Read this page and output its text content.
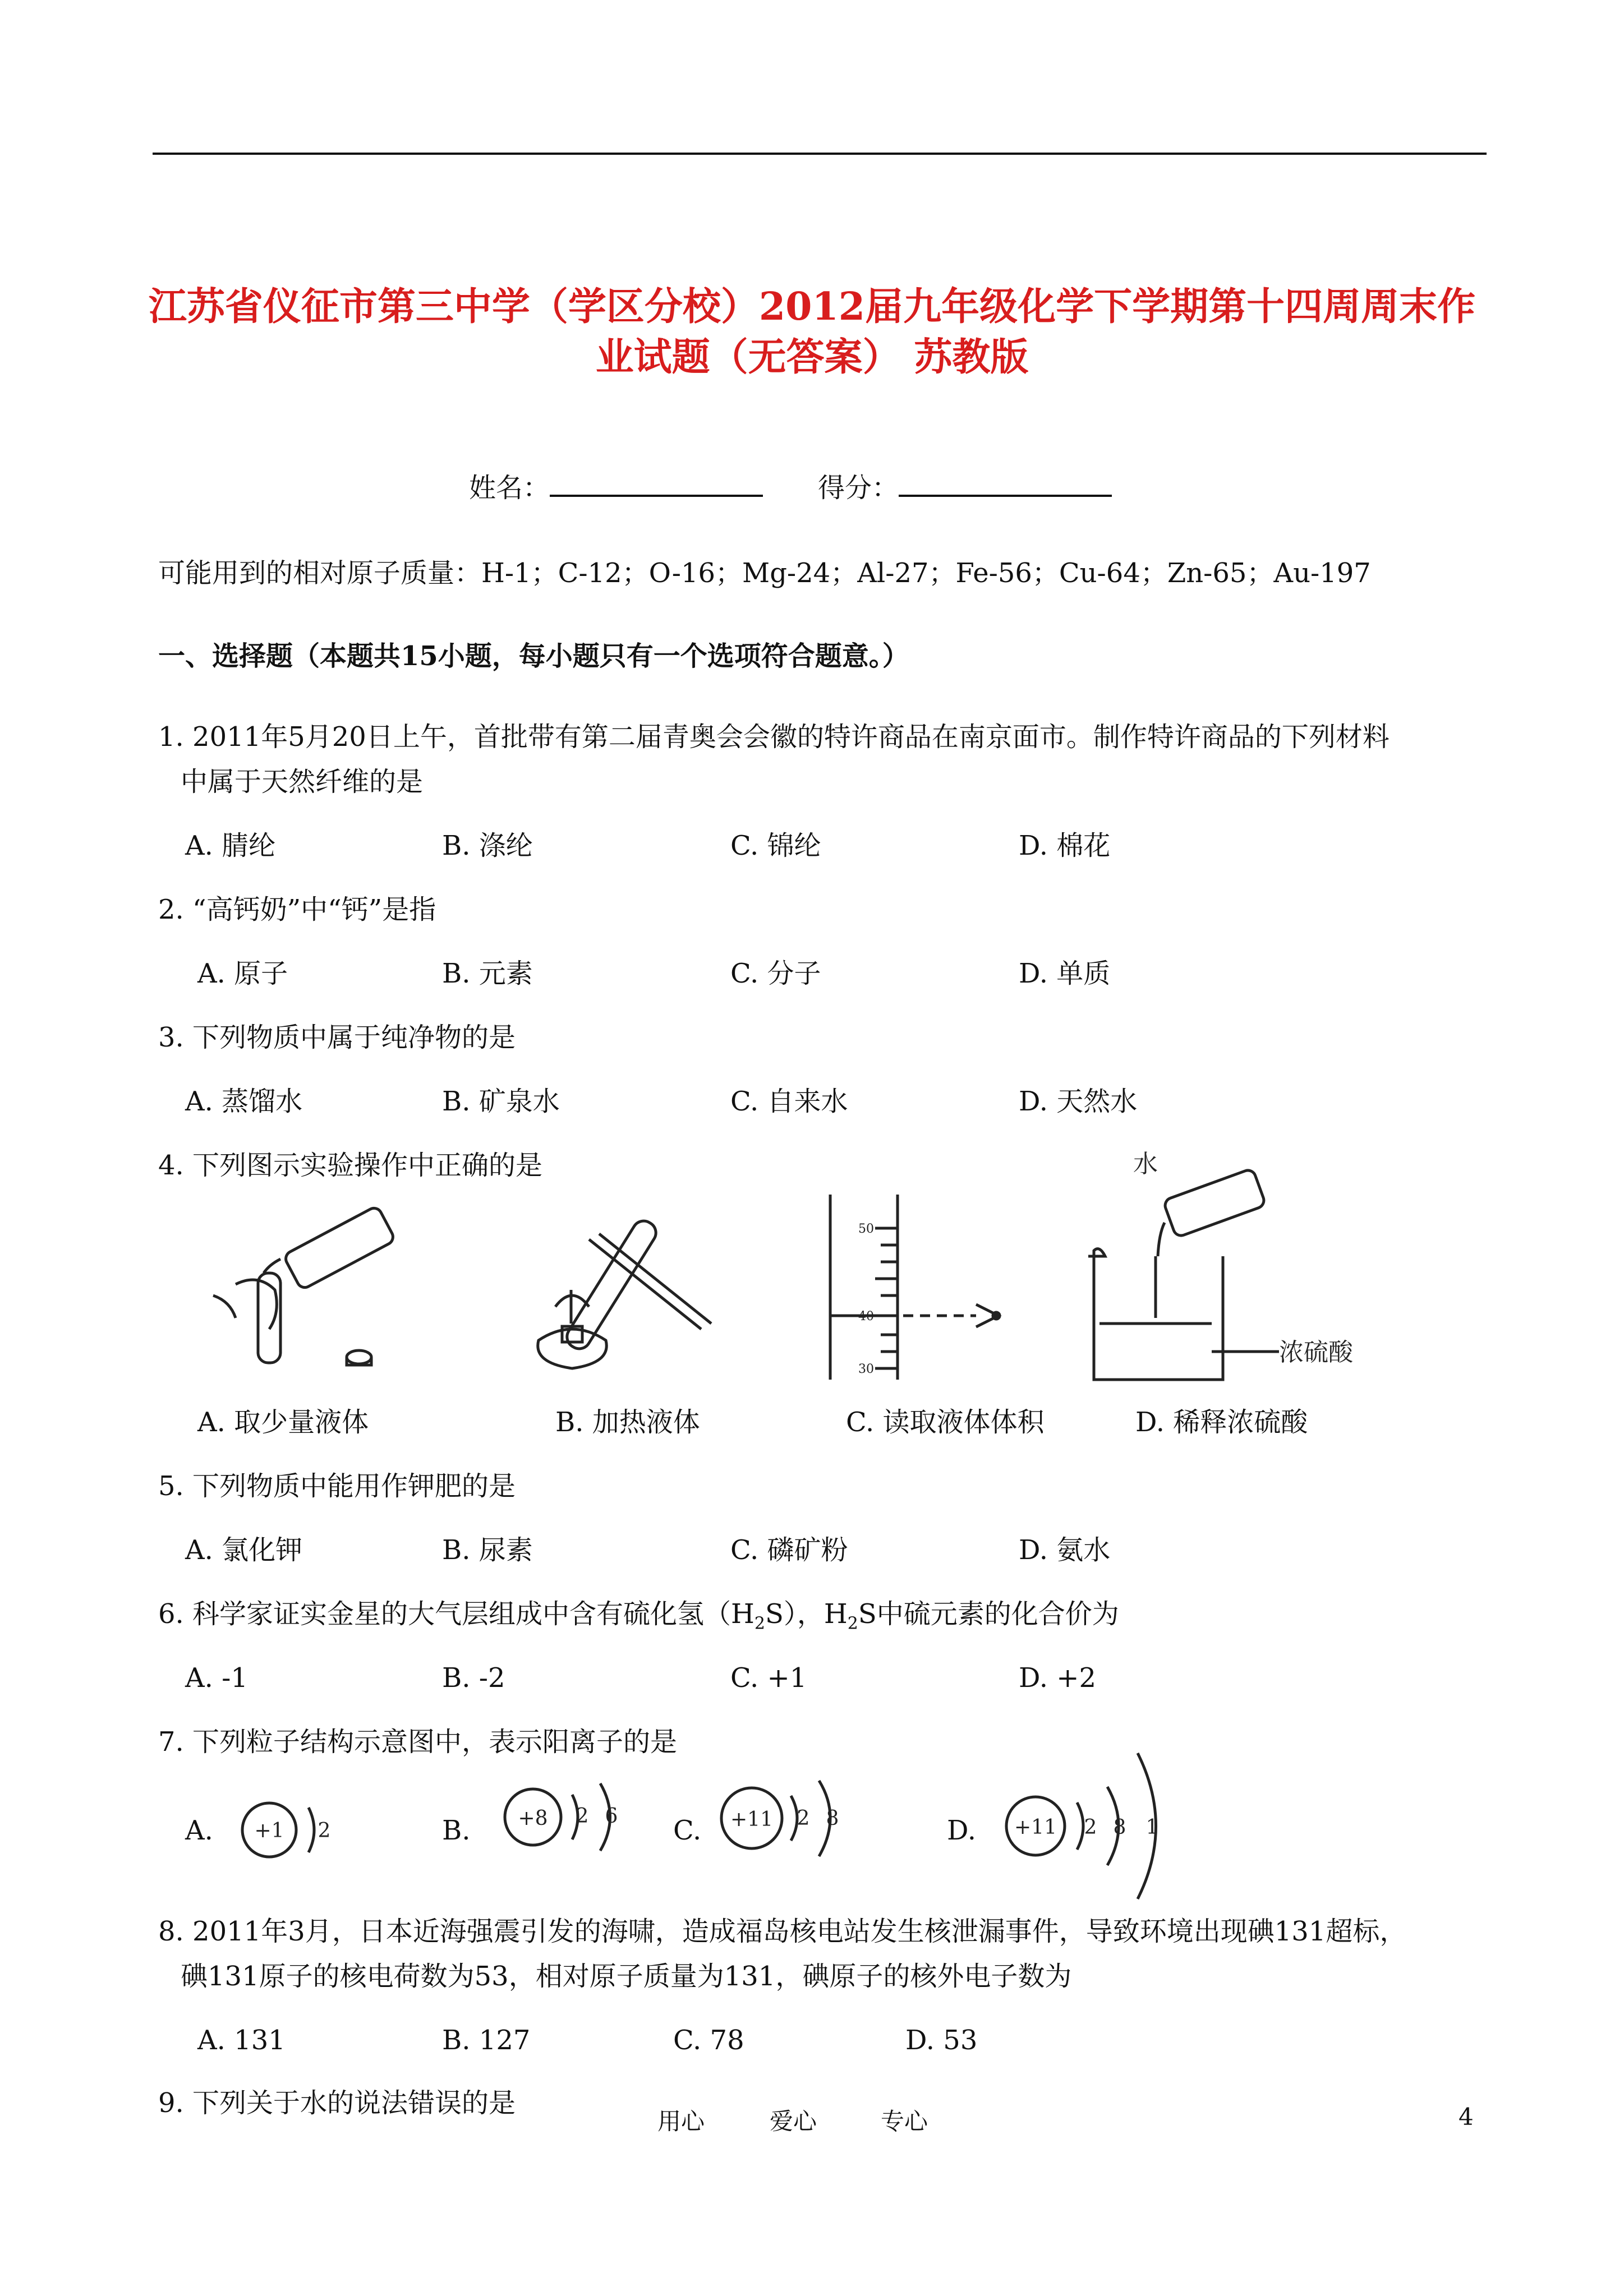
江苏省仪征市第三中学（学区分校）2012届九年级化学下学期第十四周周末作
业试题（无答案） 苏教版
姓名：	得分：
可能用到的相对原子质量：H-1；C-12；O-16；Mg-24；Al-27；Fe-56；Cu-64；Zn-65；Au-197
一、选择题（本题共15小题，每小题只有一个选项符合题意。）
1. 2011年5月20日上午，首批带有第二届青奥会会徽的特许商品在南京面市。制作特许商品的下列材料
中属于天然纤维的是
A. 腈纶	B. 涤纶	C. 锦纶	D. 棉花
2. “高钙奶”中“钙”是指
A. 原子	B. 元素	C. 分子	D. 单质
3. 下列物质中属于纯净物的是
A. 蒸馏水	B. 矿泉水	C. 自来水	D. 天然水
4. 下列图示实验操作中正确的是
50
40
30
水
浓硫酸
A. 取少量液体	B. 加热液体	C. 读取液体体积	D. 稀释浓硫酸
5. 下列物质中能用作钾肥的是
A. 氯化钾	B. 尿素	C. 磷矿粉	D. 氨水
6. 科学家证实金星的大气层组成中含有硫化氢$(H_2S)$，$H_2S$中硫元素的化合价为
A. -1	B. -2	C. +1	D. +2
7. 下列粒子结构示意图中，表示阳离子的是
A. +1 2	B. +8 2 6 C. +11 2 8	D. +11 2 8 1
8. 2011年3月，日本近海强震引发的海啸，造成福岛核电站发生核泄漏事件，导致环境出现碘131超标，
碘131原子的核电荷数为53，相对原子质量为131，碘原子的核外电子数为
A. 131	B. 127	C. 78	D. 53
9. 下列关于水的说法错误的是
用心	爱心	专心	4
